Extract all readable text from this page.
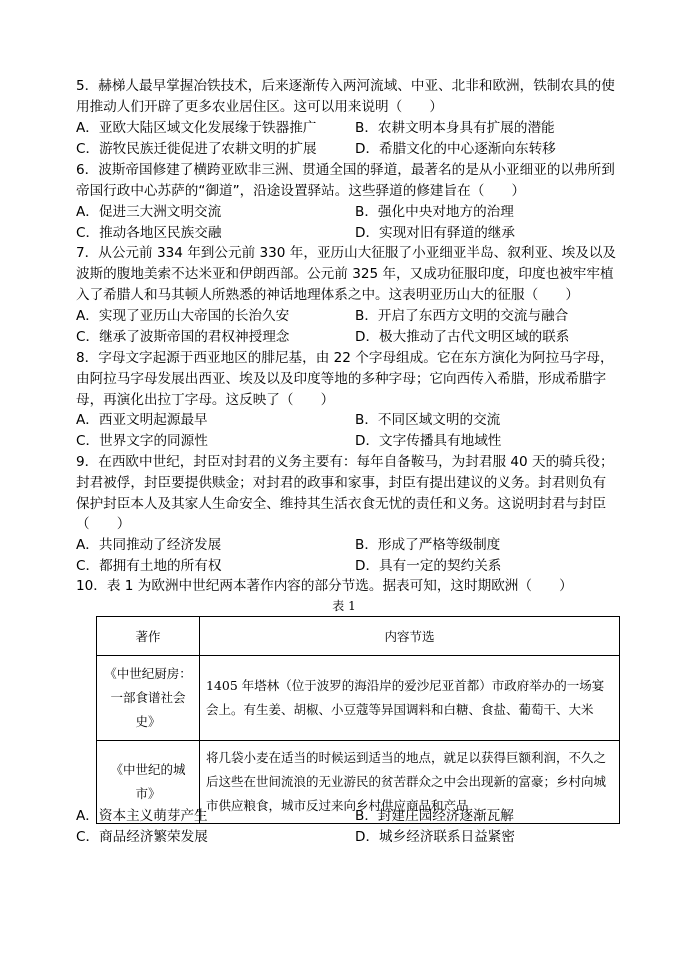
5．赫梯人最早掌握冶铁技术，后来逐渐传入两河流域、中亚、北非和欧洲，铁制农具的使用推动人们开辟了更多农业居住区。这可以用来说明（　　）
A．亚欧大陆区域文化发展缘于铁器推广	B．农耕文明本身具有扩展的潜能
C．游牧民族迁徙促进了农耕文明的扩展	D．希腊文化的中心逐渐向东转移
6．波斯帝国修建了横跨亚欧非三洲、贯通全国的驿道，最著名的是从小亚细亚的以弗所到帝国行政中心苏萨的“御道”，沿途设置驿站。这些驿道的修建旨在（　　）
A．促进三大洲文明交流	B．强化中央对地方的治理
C．推动各地区民族交融	D．实现对旧有驿道的继承
7．从公元前 334 年到公元前 330 年，亚历山大征服了小亚细亚半岛、叙利亚、埃及以及波斯的腹地美索不达米亚和伊朗西部。公元前 325 年，又成功征服印度，印度也被牢牢植入了希腊人和马其顿人所熟悉的神话地理体系之中。这表明亚历山大的征服（　　）
A．实现了亚历山大帝国的长治久安	B．开启了东西方文明的交流与融合
C．继承了波斯帝国的君权神授理念	D．极大推动了古代文明区域的联系
8．字母文字起源于西亚地区的腓尼基，由 22 个字母组成。它在东方演化为阿拉马字母，由阿拉马字母发展出西亚、埃及以及印度等地的多种字母；它向西传入希腊，形成希腊字母，再演化出拉丁字母。这反映了（　　）
A．西亚文明起源最早	B．不同区域文明的交流
C．世界文字的同源性	D．文字传播具有地域性
9．在西欧中世纪，封臣对封君的义务主要有：每年自备鞍马，为封君服 40 天的骑兵役；封君被俘，封臣要提供赎金；对封君的政事和家事，封臣有提出建议的义务。封君则负有保护封臣本人及其家人生命安全、维持其生活衣食无忧的责任和义务。这说明封君与封臣（　　）
A．共同推动了经济发展	B．形成了严格等级制度
C．都拥有土地的所有权	D．具有一定的契约关系
10．表 1 为欧洲中世纪两本著作内容的部分节选。据表可知，这时期欧洲（　　）
表 1
著作	内容节选
《中世纪厨房：一部食谱社会史》	1405 年塔林（位于波罗的海沿岸的爱沙尼亚首都）市政府举办的一场宴会上。有生姜、胡椒、小豆蔻等异国调料和白糖、食盐、葡萄干、大米
《中世纪的城市》	将几袋小麦在适当的时候运到适当的地点，就足以获得巨额利润，不久之后这些在世间流浪的无业游民的贫苦群众之中会出现新的富豪；乡村向城市供应粮食，城市反过来向乡村供应商品和产品
A．资本主义萌芽产生	B．封建庄园经济逐渐瓦解
C．商品经济繁荣发展	D．城乡经济联系日益紧密
